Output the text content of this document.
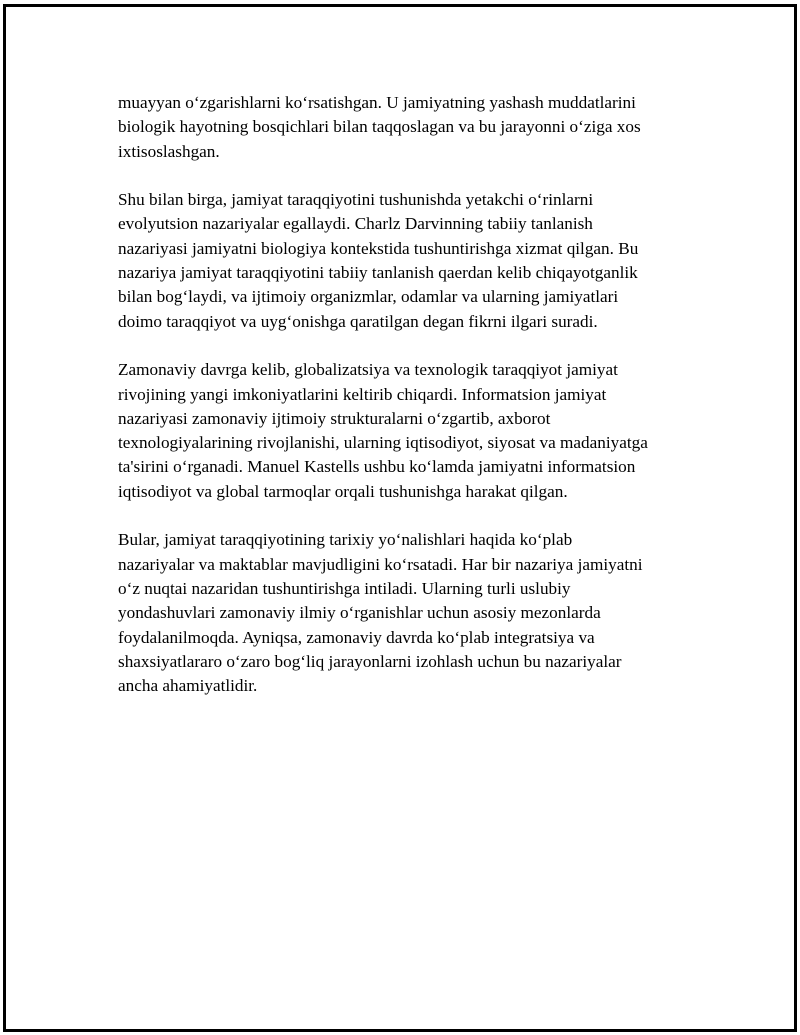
muayyan o‘zgarishlarni ko‘rsatishgan. U jamiyatning yashash muddatlarini
biologik hayotning bosqichlari bilan taqqoslagan va bu jarayonni o‘ziga xos
ixtisoslashgan.

Shu bilan birga, jamiyat taraqqiyotini tushunishda yetakchi o‘rinlarni
evolyutsion nazariyalar egallaydi. Charlz Darvinning tabiiy tanlanish
nazariyasi jamiyatni biologiya kontekstida tushuntirishga xizmat qilgan. Bu
nazariya jamiyat taraqqiyotini tabiiy tanlanish qaerdan kelib chiqayotganlik
bilan bog‘laydi, va ijtimoiy organizmlar, odamlar va ularning jamiyatlari
doimo taraqqiyot va uyg‘onishga qaratilgan degan fikrni ilgari suradi.

Zamonaviy davrga kelib, globalizatsiya va texnologik taraqqiyot jamiyat
rivojining yangi imkoniyatlarini keltirib chiqardi. Informatsion jamiyat
nazariyasi zamonaviy ijtimoiy strukturalarni o‘zgartib, axborot
texnologiyalarining rivojlanishi, ularning iqtisodiyot, siyosat va madaniyatga
ta'sirini o‘rganadi. Manuel Kastells ushbu ko‘lamda jamiyatni informatsion
iqtisodiyot va global tarmoqlar orqali tushunishga harakat qilgan.

Bular, jamiyat taraqqiyotining tarixiy yo‘nalishlari haqida ko‘plab
nazariyalar va maktablar mavjudligini ko‘rsatadi. Har bir nazariya jamiyatni
o‘z nuqtai nazaridan tushuntirishga intiladi. Ularning turli uslubiy
yondashuvlari zamonaviy ilmiy o‘rganishlar uchun asosiy mezonlarda
foydalanilmoqda. Ayniqsa, zamonaviy davrda ko‘plab integratsiya va
shaxsiyatlararo o‘zaro bog‘liq jarayonlarni izohlash uchun bu nazariyalar
ancha ahamiyatlidir.
